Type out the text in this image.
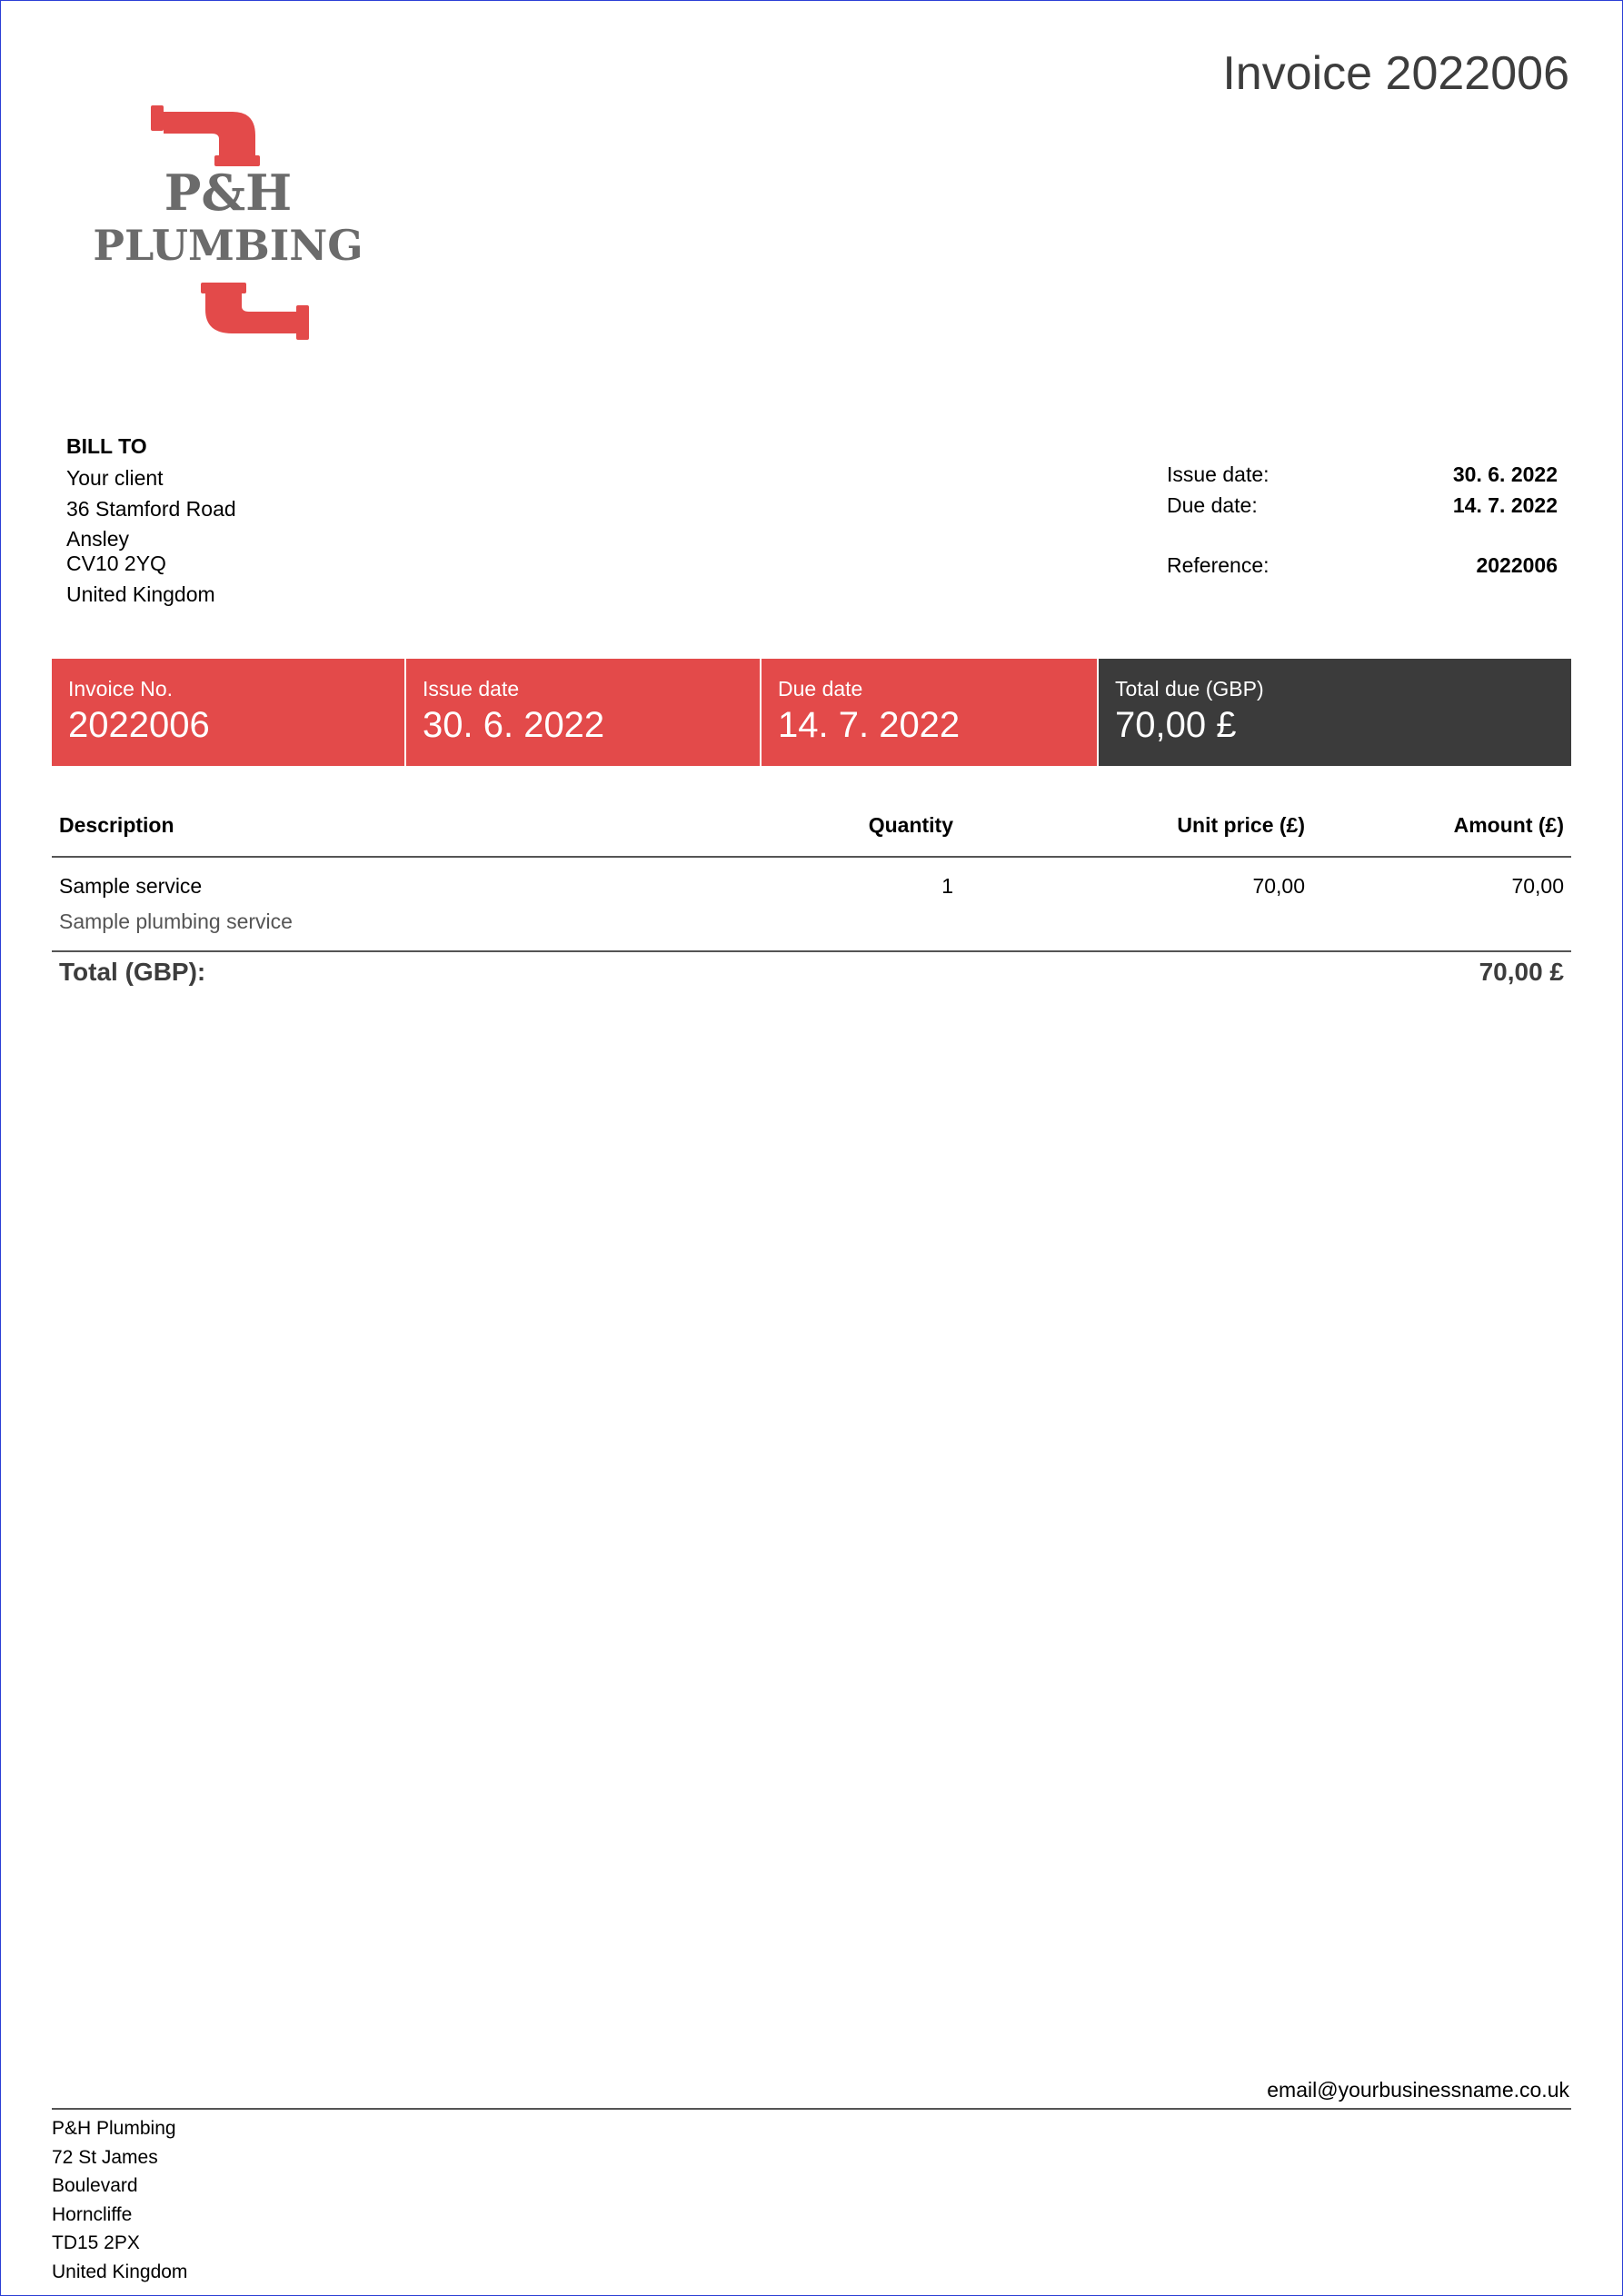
Invoice 2022006
P&H
PLUMBING
BILL TO
Your client
36 Stamford Road
Ansley
CV10 2YQ
United Kingdom
Issue date:	30. 6. 2022
Due date:	14. 7. 2022
Reference:	2022006
Invoice No.
2022006
Issue date
30. 6. 2022
Due date
14. 7. 2022
Total due (GBP)
70,00 £
Description	Quantity	Unit price (£)	Amount (£)
Sample service	1	70,00	70,00
Sample plumbing service			
Total (GBP):			70,00 £
email@yourbusinessname.co.uk
P&H Plumbing
72 St James
Boulevard
Horncliffe
TD15 2PX
United Kingdom
